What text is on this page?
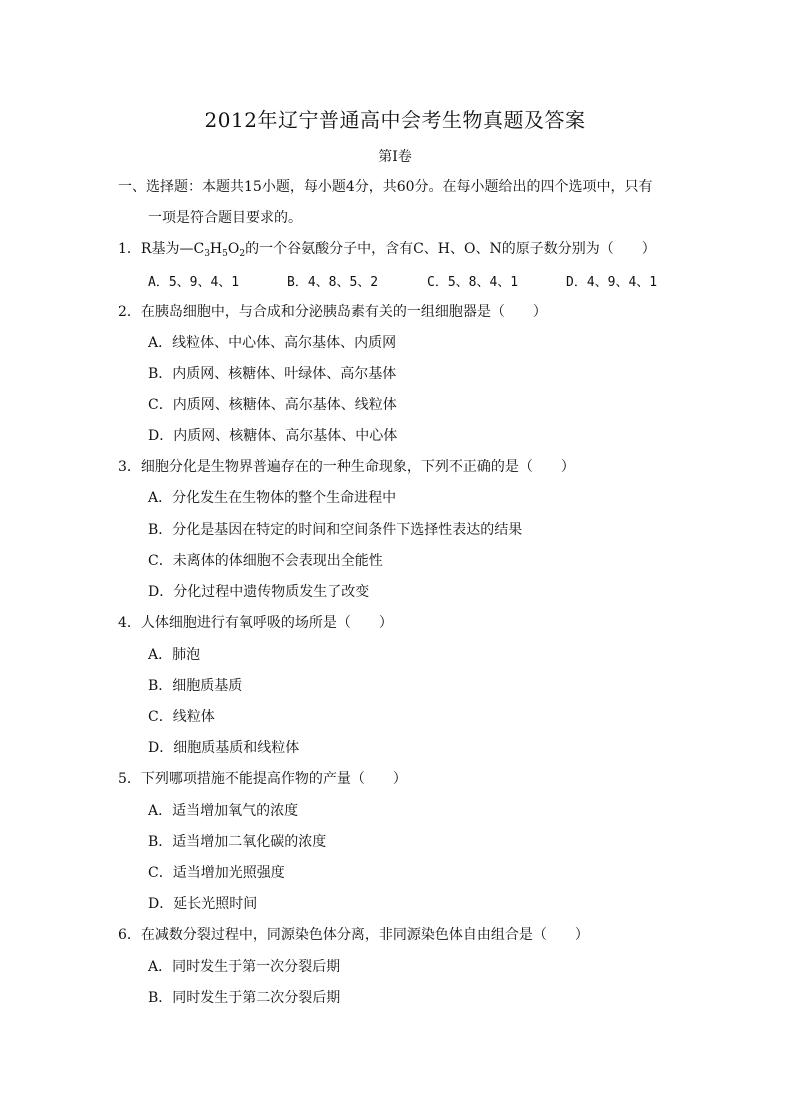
2012年辽宁普通高中会考生物真题及答案
第Ⅰ卷
一、选择题：本题共15小题，每小题4分，共60分。在每小题给出的四个选项中，只有
一项是符合题目要求的。
1．R基为$—C_3H_5O_2$的一个谷氨酸分子中，含有C、H、O、N的原子数分别为（　　）
A．5、9、4、1	B．4、8、5、2	C．5、8、4、1	D．4、9、4、1
2．在胰岛细胞中，与合成和分泌胰岛素有关的一组细胞器是（　　）
A．线粒体、中心体、高尔基体、内质网
B．内质网、核糖体、叶绿体、高尔基体
C．内质网、核糖体、高尔基体、线粒体
D．内质网、核糖体、高尔基体、中心体
3．细胞分化是生物界普遍存在的一种生命现象，下列不正确的是（　　）
A．分化发生在生物体的整个生命进程中
B．分化是基因在特定的时间和空间条件下选择性表达的结果
C．未离体的体细胞不会表现出全能性
D．分化过程中遗传物质发生了改变
4．人体细胞进行有氧呼吸的场所是（　　）
A．肺泡
B．细胞质基质
C．线粒体
D．细胞质基质和线粒体
5．下列哪项措施不能提高作物的产量（　　）
A．适当增加氧气的浓度
B．适当增加二氧化碳的浓度
C．适当增加光照强度
D．延长光照时间
6．在减数分裂过程中，同源染色体分离，非同源染色体自由组合是（　　）
A．同时发生于第一次分裂后期
B．同时发生于第二次分裂后期
